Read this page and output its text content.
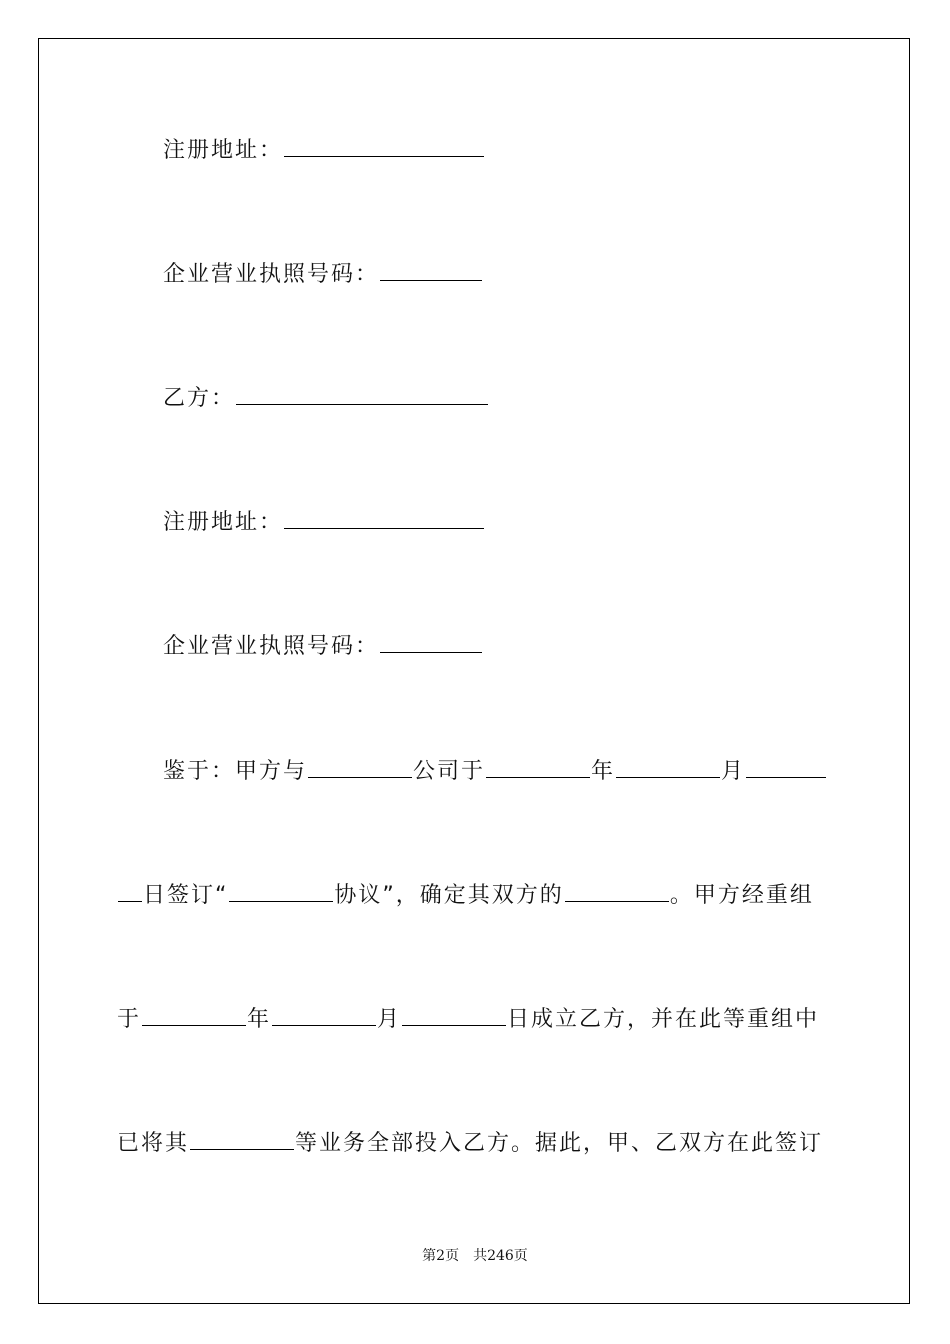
注册地址：
企业营业执照号码：
乙方：
注册地址：
企业营业执照号码：
鉴于：甲方与	公司于	年	月
日签订“	协议”，确定其双方的	。甲方经重组
于	年	月	日成立乙方，并在此等重组中
已将其	等业务全部投入乙方。据此，甲、乙双方在此签订
第2页　共246页
